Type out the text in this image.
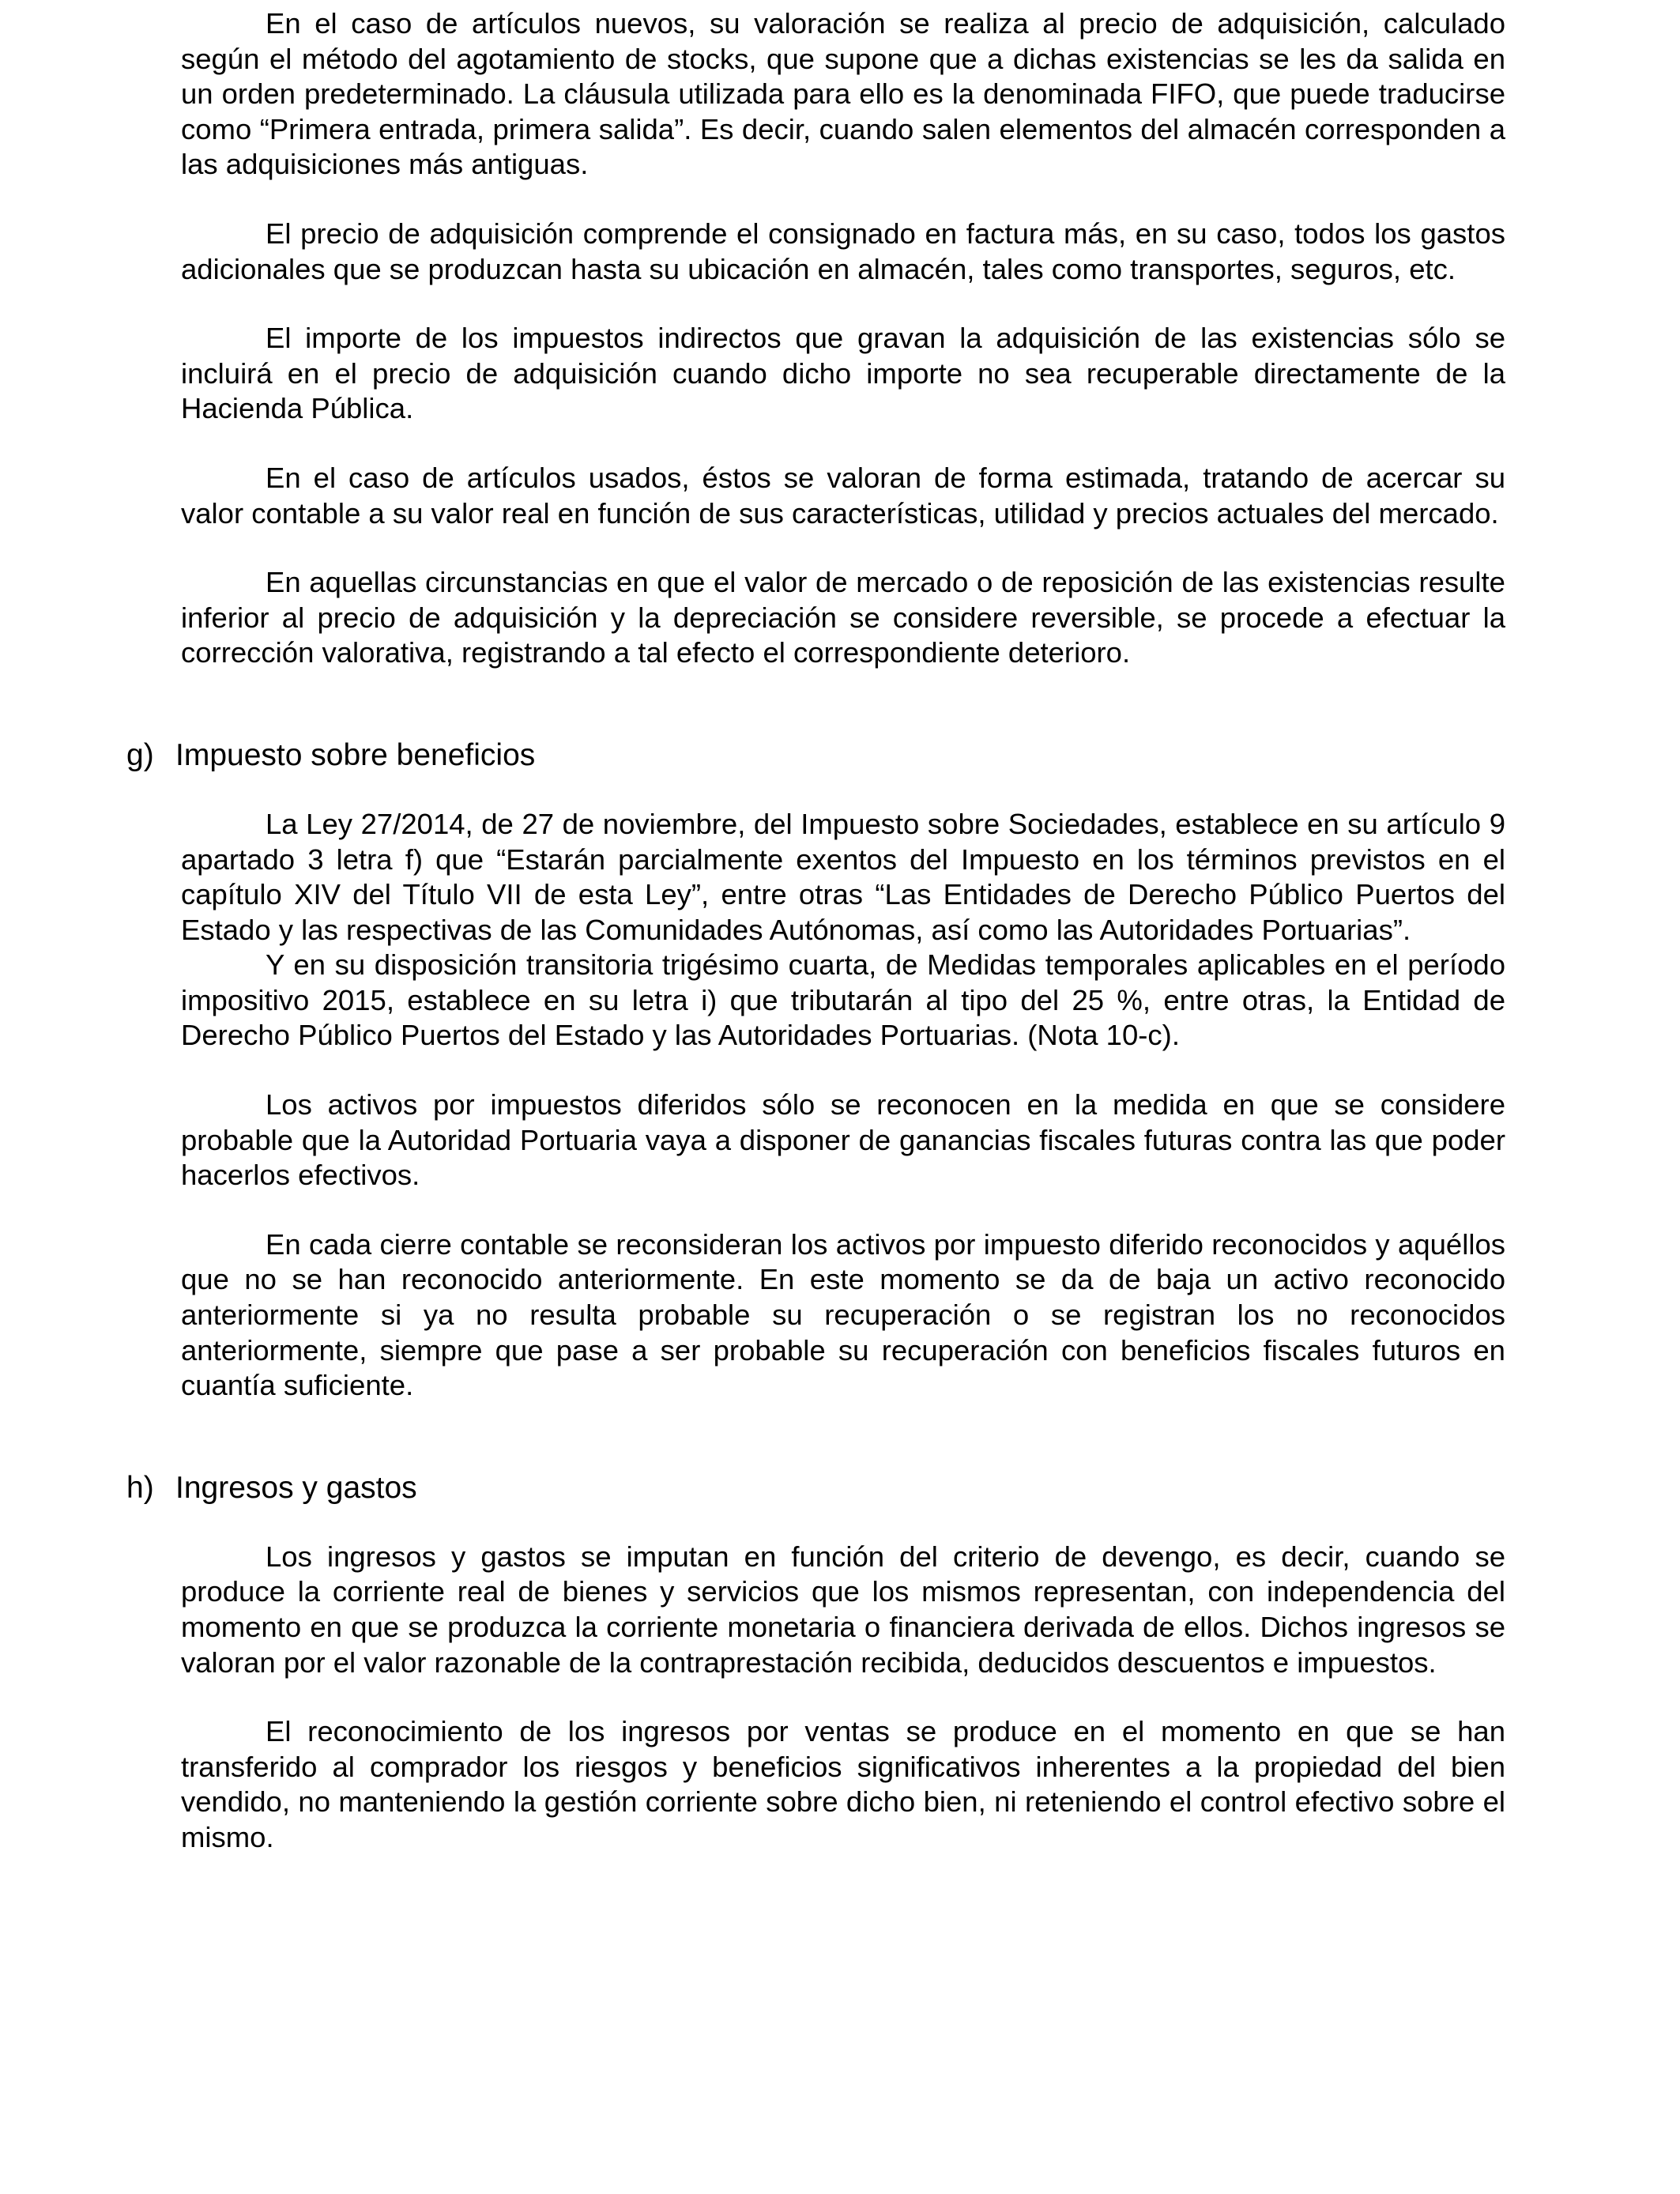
En el caso de artículos nuevos, su valoración se realiza al precio de adquisición, calculado según el método del agotamiento de stocks, que supone que a dichas existencias se les da salida en un orden predeterminado. La cláusula utilizada para ello es la denominada FIFO, que puede traducirse como “Primera entrada, primera salida”. Es decir, cuando salen elementos del almacén corresponden a las adquisiciones más antiguas.

El precio de adquisición comprende el consignado en factura más, en su caso, todos los gastos adicionales que se produzcan hasta su ubicación en almacén, tales como transportes, seguros, etc.

El importe de los impuestos indirectos que gravan la adquisición de las existencias sólo se incluirá en el precio de adquisición cuando dicho importe no sea recuperable directamente de la Hacienda Pública.

En el caso de artículos usados, éstos se valoran de forma estimada, tratando de acercar su valor contable a su valor real en función de sus características, utilidad y precios actuales del mercado.

En aquellas circunstancias en que el valor de mercado o de reposición de las existencias resulte inferior al precio de adquisición y la depreciación se considere reversible, se procede a efectuar la corrección valorativa, registrando a tal efecto el correspondiente deterioro.

g) Impuesto sobre beneficios

La Ley 27/2014, de 27 de noviembre, del Impuesto sobre Sociedades, establece en su artículo 9 apartado 3 letra f) que “Estarán parcialmente exentos del Impuesto en los términos previstos en el capítulo XIV del Título VII de esta Ley”, entre otras “Las Entidades de Derecho Público Puertos del Estado y las respectivas de las Comunidades Autónomas, así como las Autoridades Portuarias”.

Y en su disposición transitoria trigésimo cuarta, de Medidas temporales aplicables en el período impositivo 2015, establece en su letra i) que tributarán al tipo del 25 %, entre otras, la Entidad de Derecho Público Puertos del Estado y las Autoridades Portuarias. (Nota 10-c).

Los activos por impuestos diferidos sólo se reconocen en la medida en que se considere probable que la Autoridad Portuaria vaya a disponer de ganancias fiscales futuras contra las que poder hacerlos efectivos.

En cada cierre contable se reconsideran los activos por impuesto diferido reconocidos y aquéllos que no se han reconocido anteriormente. En este momento se da de baja un activo reconocido anteriormente si ya no resulta probable su recuperación o se registran los no reconocidos anteriormente, siempre que pase a ser probable su recuperación con beneficios fiscales futuros en cuantía suficiente.

h) Ingresos y gastos

Los ingresos y gastos se imputan en función del criterio de devengo, es decir, cuando se produce la corriente real de bienes y servicios que los mismos representan, con independencia del momento en que se produzca la corriente monetaria o financiera derivada de ellos. Dichos ingresos se valoran por el valor razonable de la contraprestación recibida, deducidos descuentos e impuestos.

El reconocimiento de los ingresos por ventas se produce en el momento en que se han transferido al comprador los riesgos y beneficios significativos inherentes a la propiedad del bien vendido, no manteniendo la gestión corriente sobre dicho bien, ni reteniendo el control efectivo sobre el mismo.
